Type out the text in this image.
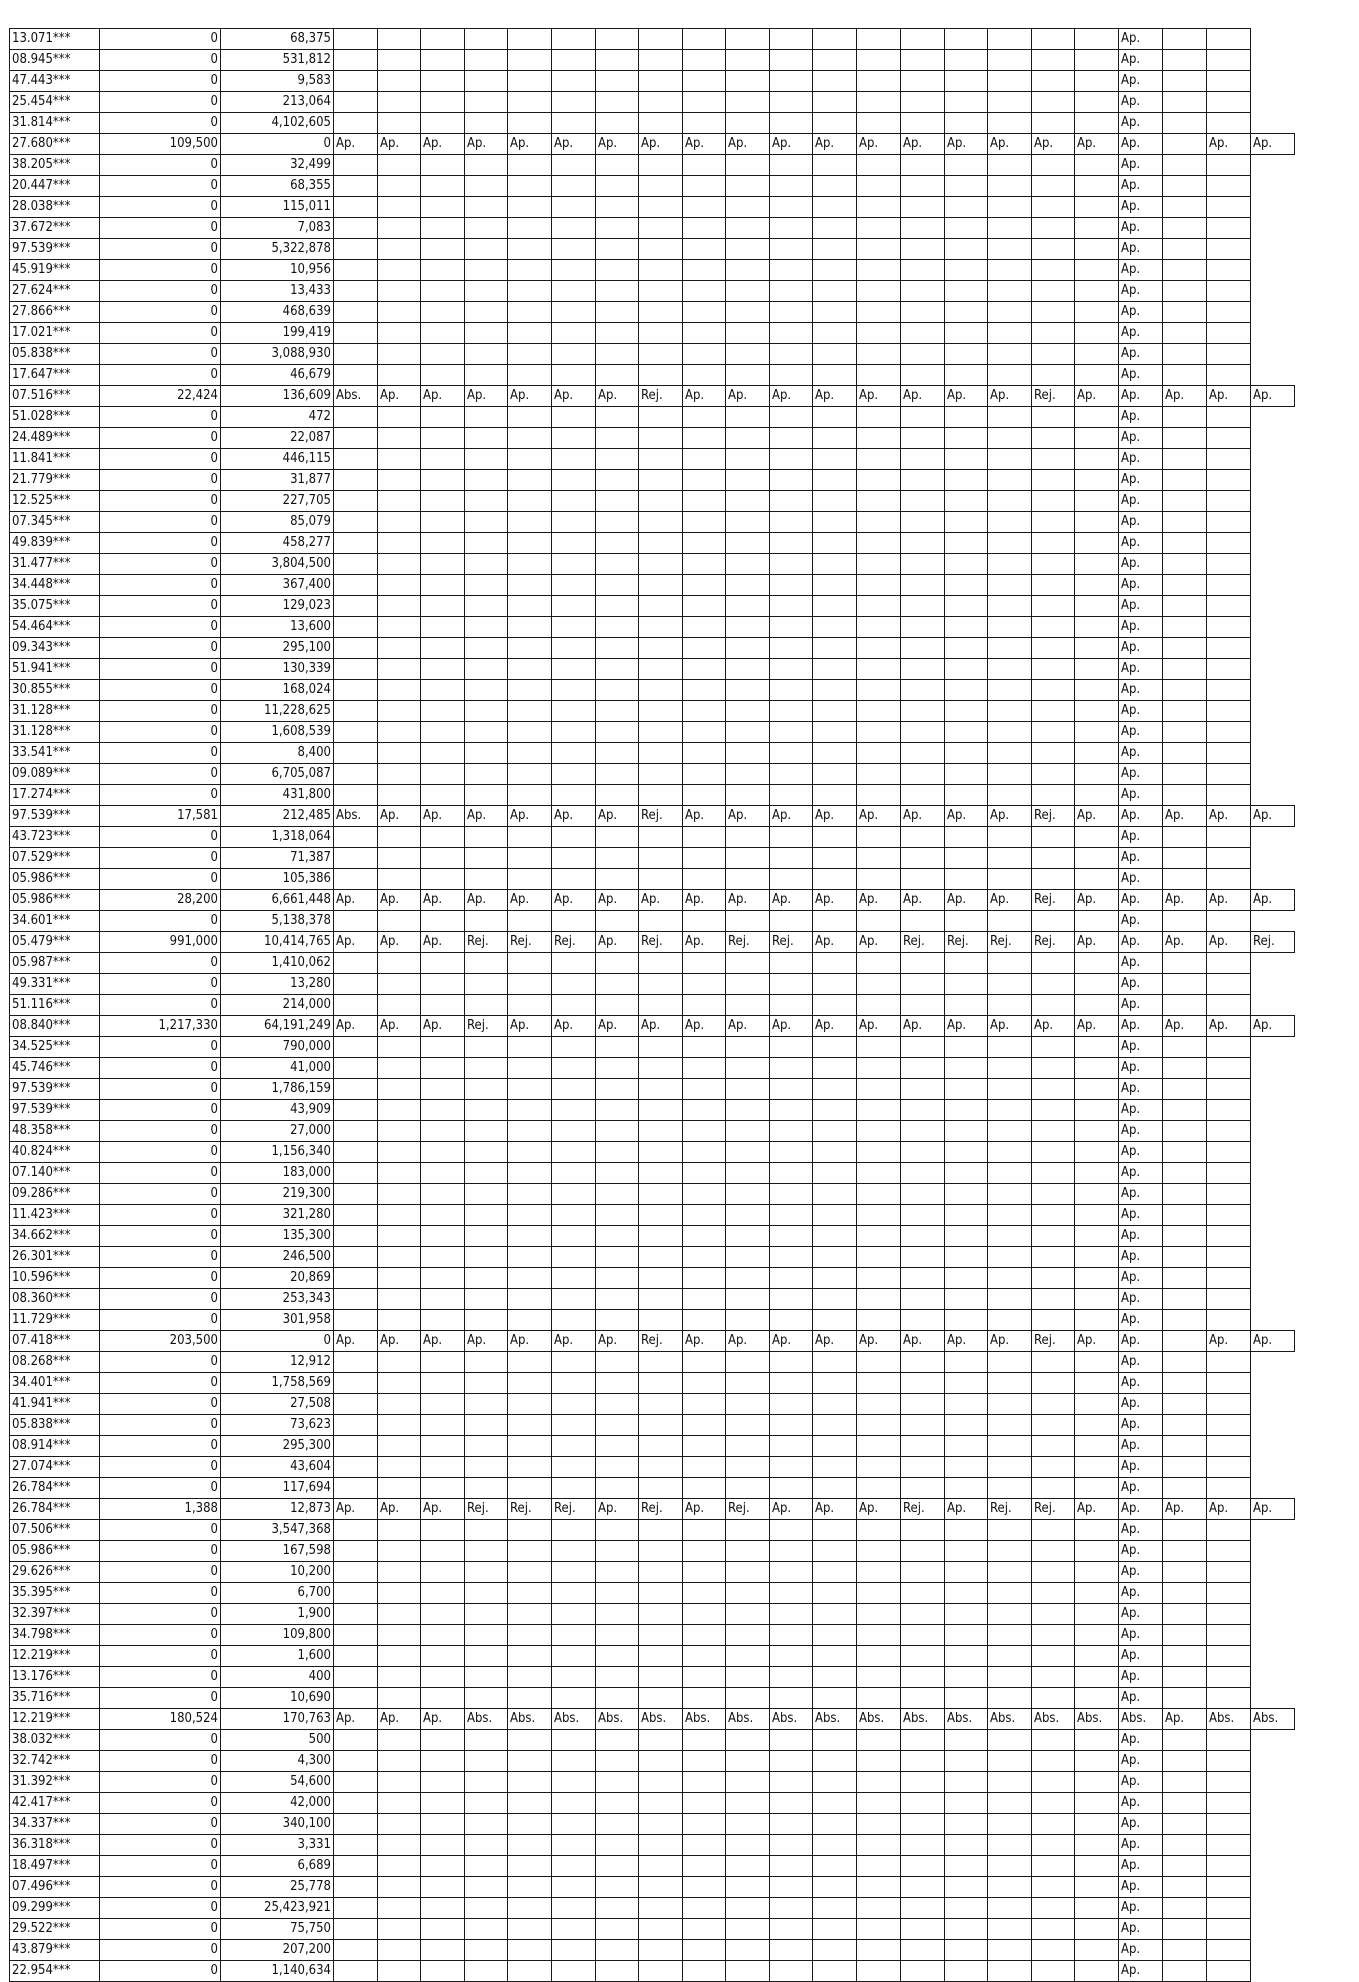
13.071***	0	68,375																			Ap.			
08.945***	0	531,812																			Ap.			
47.443***	0	9,583																			Ap.			
25.454***	0	213,064																			Ap.			
31.814***	0	4,102,605																			Ap.			
27.680***	109,500	0	Ap.	Ap.	Ap.	Ap.	Ap.	Ap.	Ap.	Ap.	Ap.	Ap.	Ap.	Ap.	Ap.	Ap.	Ap.	Ap.	Ap.	Ap.	Ap.		Ap.	Ap.
38.205***	0	32,499																			Ap.			
20.447***	0	68,355																			Ap.			
28.038***	0	115,011																			Ap.			
37.672***	0	7,083																			Ap.			
97.539***	0	5,322,878																			Ap.			
45.919***	0	10,956																			Ap.			
27.624***	0	13,433																			Ap.			
27.866***	0	468,639																			Ap.			
17.021***	0	199,419																			Ap.			
05.838***	0	3,088,930																			Ap.			
17.647***	0	46,679																			Ap.			
07.516***	22,424	136,609	Abs.	Ap.	Ap.	Ap.	Ap.	Ap.	Ap.	Rej.	Ap.	Ap.	Ap.	Ap.	Ap.	Ap.	Ap.	Ap.	Rej.	Ap.	Ap.	Ap.	Ap.	Ap.
51.028***	0	472																			Ap.			
24.489***	0	22,087																			Ap.			
11.841***	0	446,115																			Ap.			
21.779***	0	31,877																			Ap.			
12.525***	0	227,705																			Ap.			
07.345***	0	85,079																			Ap.			
49.839***	0	458,277																			Ap.			
31.477***	0	3,804,500																			Ap.			
34.448***	0	367,400																			Ap.			
35.075***	0	129,023																			Ap.			
54.464***	0	13,600																			Ap.			
09.343***	0	295,100																			Ap.			
51.941***	0	130,339																			Ap.			
30.855***	0	168,024																			Ap.			
31.128***	0	11,228,625																			Ap.			
31.128***	0	1,608,539																			Ap.			
33.541***	0	8,400																			Ap.			
09.089***	0	6,705,087																			Ap.			
17.274***	0	431,800																			Ap.			
97.539***	17,581	212,485	Abs.	Ap.	Ap.	Ap.	Ap.	Ap.	Ap.	Rej.	Ap.	Ap.	Ap.	Ap.	Ap.	Ap.	Ap.	Ap.	Rej.	Ap.	Ap.	Ap.	Ap.	Ap.
43.723***	0	1,318,064																			Ap.			
07.529***	0	71,387																			Ap.			
05.986***	0	105,386																			Ap.			
05.986***	28,200	6,661,448	Ap.	Ap.	Ap.	Ap.	Ap.	Ap.	Ap.	Ap.	Ap.	Ap.	Ap.	Ap.	Ap.	Ap.	Ap.	Ap.	Rej.	Ap.	Ap.	Ap.	Ap.	Ap.
34.601***	0	5,138,378																			Ap.			
05.479***	991,000	10,414,765	Ap.	Ap.	Ap.	Rej.	Rej.	Rej.	Ap.	Rej.	Ap.	Rej.	Rej.	Ap.	Ap.	Rej.	Rej.	Rej.	Rej.	Ap.	Ap.	Ap.	Ap.	Rej.
05.987***	0	1,410,062																			Ap.			
49.331***	0	13,280																			Ap.			
51.116***	0	214,000																			Ap.			
08.840***	1,217,330	64,191,249	Ap.	Ap.	Ap.	Rej.	Ap.	Ap.	Ap.	Ap.	Ap.	Ap.	Ap.	Ap.	Ap.	Ap.	Ap.	Ap.	Ap.	Ap.	Ap.	Ap.	Ap.	Ap.
34.525***	0	790,000																			Ap.			
45.746***	0	41,000																			Ap.			
97.539***	0	1,786,159																			Ap.			
97.539***	0	43,909																			Ap.			
48.358***	0	27,000																			Ap.			
40.824***	0	1,156,340																			Ap.			
07.140***	0	183,000																			Ap.			
09.286***	0	219,300																			Ap.			
11.423***	0	321,280																			Ap.			
34.662***	0	135,300																			Ap.			
26.301***	0	246,500																			Ap.			
10.596***	0	20,869																			Ap.			
08.360***	0	253,343																			Ap.			
11.729***	0	301,958																			Ap.			
07.418***	203,500	0	Ap.	Ap.	Ap.	Ap.	Ap.	Ap.	Ap.	Rej.	Ap.	Ap.	Ap.	Ap.	Ap.	Ap.	Ap.	Ap.	Rej.	Ap.	Ap.		Ap.	Ap.
08.268***	0	12,912																			Ap.			
34.401***	0	1,758,569																			Ap.			
41.941***	0	27,508																			Ap.			
05.838***	0	73,623																			Ap.			
08.914***	0	295,300																			Ap.			
27.074***	0	43,604																			Ap.			
26.784***	0	117,694																			Ap.			
26.784***	1,388	12,873	Ap.	Ap.	Ap.	Rej.	Rej.	Rej.	Ap.	Rej.	Ap.	Rej.	Ap.	Ap.	Ap.	Rej.	Ap.	Rej.	Rej.	Ap.	Ap.	Ap.	Ap.	Ap.
07.506***	0	3,547,368																			Ap.			
05.986***	0	167,598																			Ap.			
29.626***	0	10,200																			Ap.			
35.395***	0	6,700																			Ap.			
32.397***	0	1,900																			Ap.			
34.798***	0	109,800																			Ap.			
12.219***	0	1,600																			Ap.			
13.176***	0	400																			Ap.			
35.716***	0	10,690																			Ap.			
12.219***	180,524	170,763	Ap.	Ap.	Ap.	Abs.	Abs.	Abs.	Abs.	Abs.	Abs.	Abs.	Abs.	Abs.	Abs.	Abs.	Abs.	Abs.	Abs.	Abs.	Abs.	Ap.	Abs.	Abs.
38.032***	0	500																			Ap.			
32.742***	0	4,300																			Ap.			
31.392***	0	54,600																			Ap.			
42.417***	0	42,000																			Ap.			
34.337***	0	340,100																			Ap.			
36.318***	0	3,331																			Ap.			
18.497***	0	6,689																			Ap.			
07.496***	0	25,778																			Ap.			
09.299***	0	25,423,921																			Ap.			
29.522***	0	75,750																			Ap.			
43.879***	0	207,200																			Ap.			
22.954***	0	1,140,634																			Ap.			
